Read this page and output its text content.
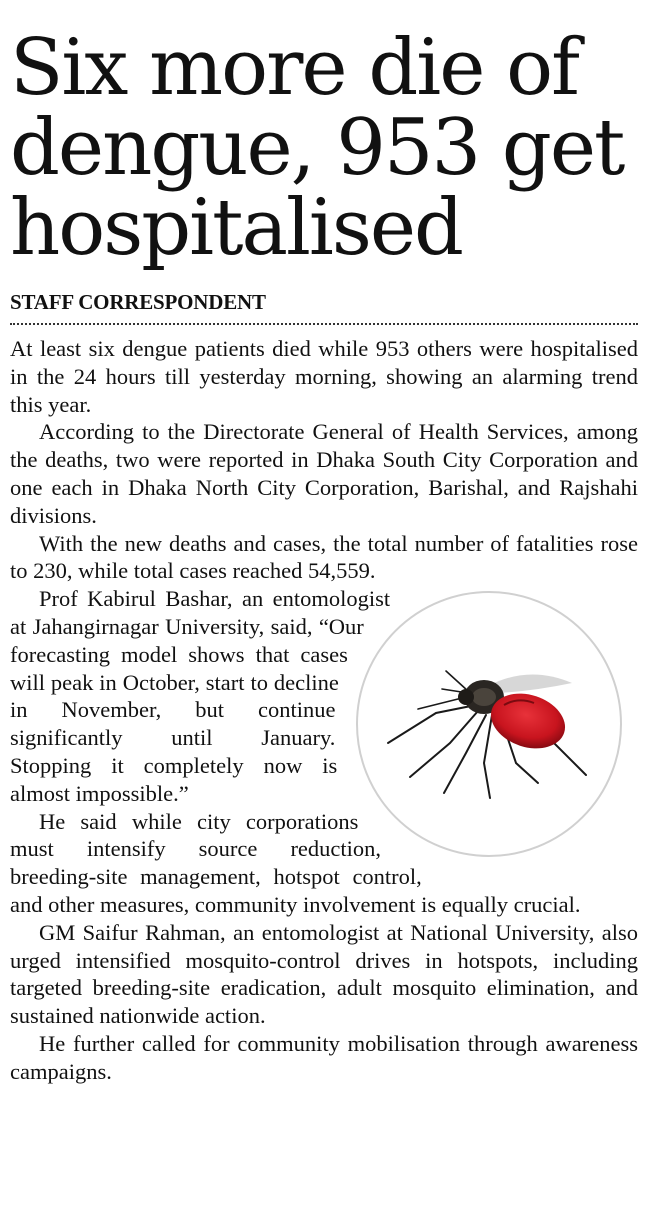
Six more die of dengue, 953 get hospitalised
STAFF CORRESPONDENT

At least six dengue patients died while 953 others were hospitalised in the 24 hours till yesterday morning, showing an alarming trend this year.

According to the Directorate General of Health Services, among the deaths, two were reported in Dhaka South City Corporation and one each in Dhaka North City Corporation, Barishal, and Rajshahi divisions.

With the new deaths and cases, the total number of fatalities rose to 230, while total cases reached 54,559.

Prof Kabirul Bashar, an entomologist at Jahangirnagar University, said, “Our forecasting model shows that cases will peak in October, start to decline in November, but continue significantly until January. Stopping it completely now is almost impossible.”

He said while city corporations must intensify source reduction, breeding-site management, hotspot control, and other measures, community involvement is equally crucial.

GM Saifur Rahman, an entomologist at National University, also urged intensified mosquito-control drives in hotspots, including targeted breeding-site eradication, adult mosquito elimination, and sustained nationwide action.

He further called for community mobilisation through awareness campaigns.
